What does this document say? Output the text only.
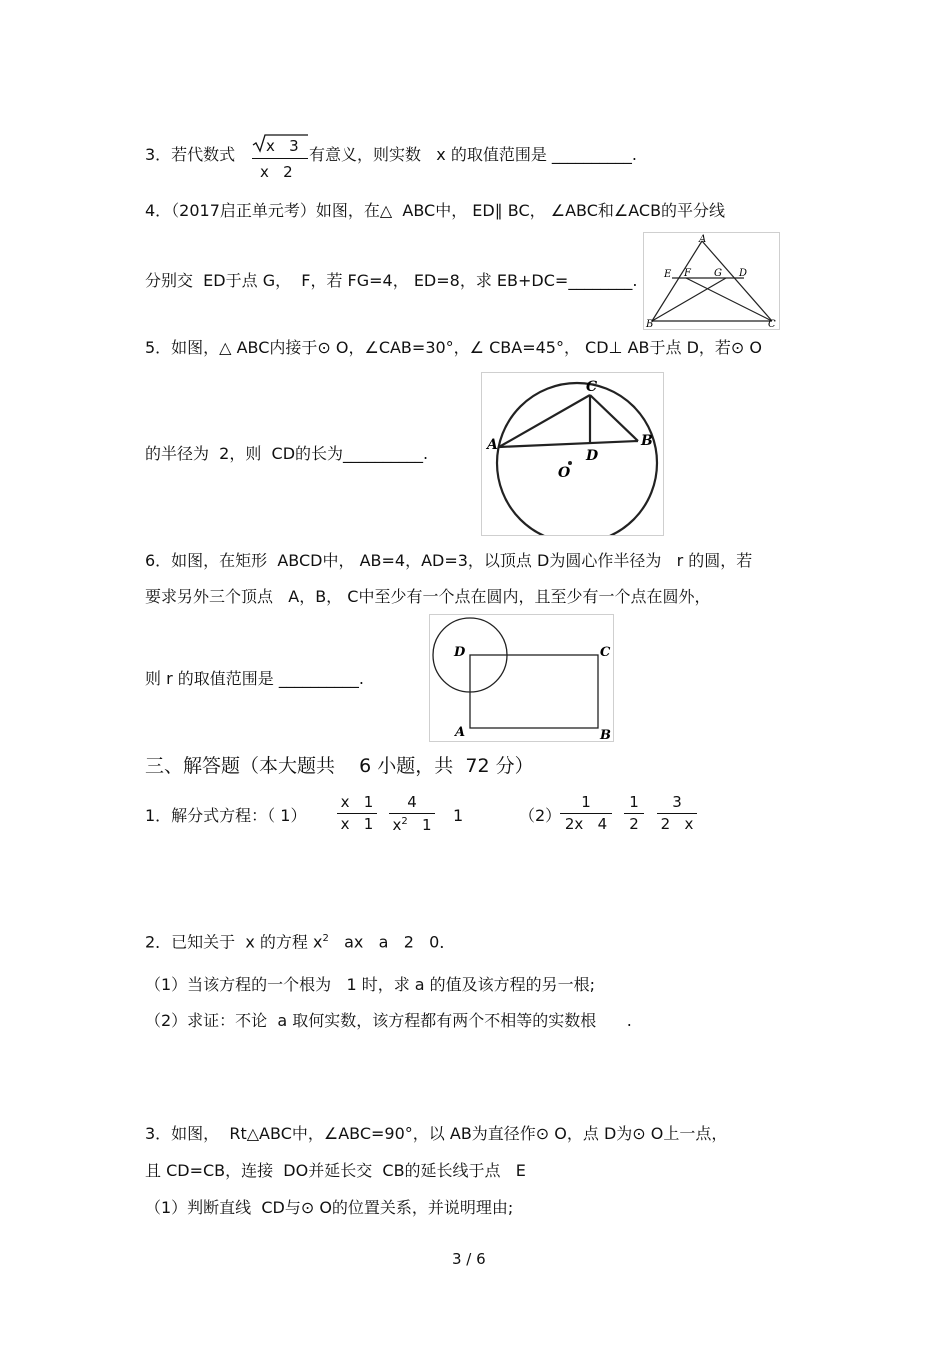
3．若代数式 x   3
x   2
有意义，则实数   x 的取值范围是 __________.
4．（2017启正单元考）如图，在△  ABC中， ED∥ BC， ∠ABC和∠ACB的平分线
分别交  ED于点 G，  F，若 FG=4， ED=8，求 EB+DC=________.
A
E F G D
B	C
5．如图，△ ABC内接于⊙ O，∠CAB=30°，∠ CBA=45°， CD⊥ AB于点 D，若⊙ O
的半径为  2，则  CD的长为__________.
C
A
D
B
O
6．如图，在矩形  ABCD中， AB=4，AD=3，以顶点 D为圆心作半径为   r 的圆，若
要求另外三个顶点   A，B， C中至少有一个点在圆内，且至少有一个点在圆外，
则 r 的取值范围是 __________.
D	C
A	B
三、解答题（本大题共    6 小题，共  72 分）
1．解分式方程：（ 1）
x   1
x   1
4
$x^2$   1 1	（2）
1
2x   4
1
2
3
2   x
2．已知关于  x 的方程 $x^2$   ax   a   2   0．
（1）当该方程的一个根为   1 时，求 a 的值及该方程的另一根;
（2）求证：不论  a 取何实数，该方程都有两个不相等的实数根      .
3．如图，  Rt△ABC中，∠ABC=90°，以 AB为直径作⊙ O，点 D为⊙ O上一点，
且 CD=CB，连接  DO并延长交  CB的延长线于点   E
（1）判断直线  CD与⊙ O的位置关系，并说明理由;
3 / 6
